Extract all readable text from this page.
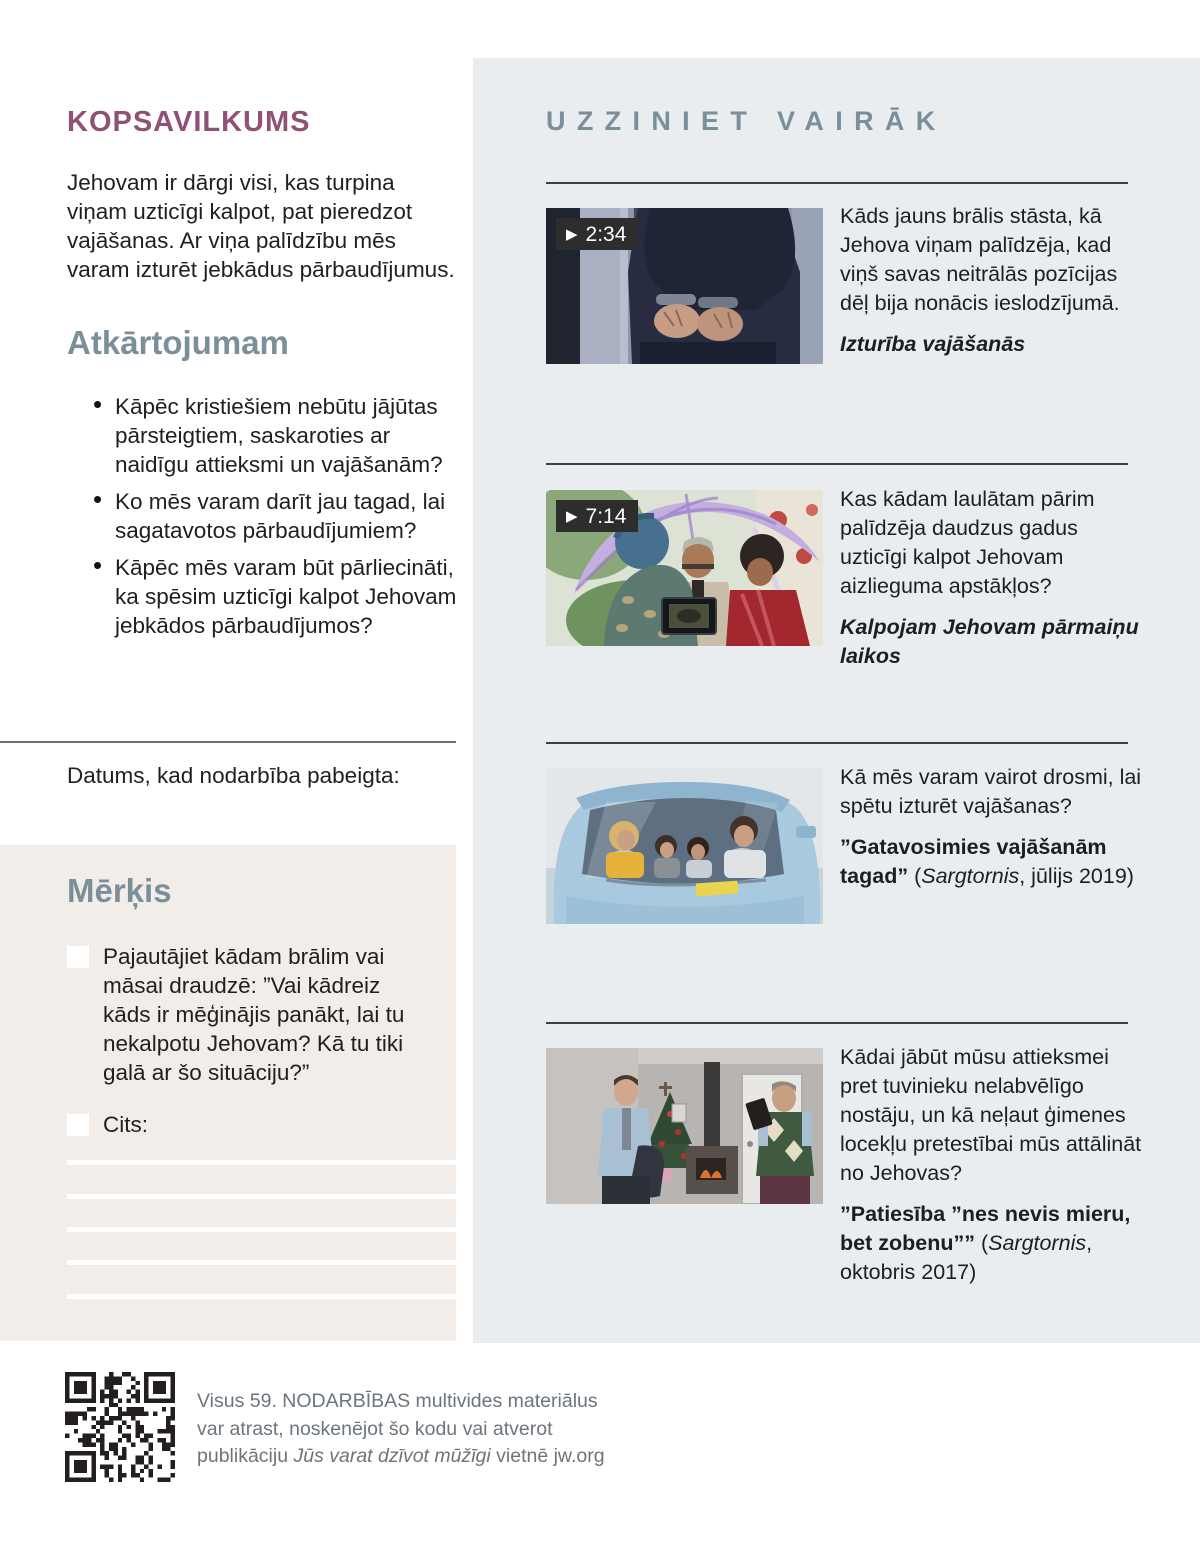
KOPSAVILKUMS

Jehovam ir dārgi visi, kas turpina viņam uzticīgi kalpot, pat pieredzot vajāšanas. Ar viņa palīdzību mēs varam izturēt jebkādus pārbaudījumus.

Atkārtojumam
• Kāpēc kristiešiem nebūtu jājūtas pārsteigtiem, saskaroties ar naidīgu attieksmi un vajāšanām?
• Ko mēs varam darīt jau tagad, lai sagatavotos pārbaudījumiem?
• Kāpēc mēs varam būt pārliecināti, ka spēsim uzticīgi kalpot Jehovam jebkādos pārbaudījumos?
Datums, kad nodarbība pabeigta:
Mērķis
Pajautājiet kādam brālim vai māsai draudzē: ”Vai kādreiz kāds ir mēģinājis panākt, lai tu nekalpotu Jehovam? Kā tu tiki galā ar šo situāciju?”
Cits:
Visus 59. NODARBĪBAS multivides materiālus var atrast, noskenējot šo kodu vai atverot publikāciju Jūs varat dzīvot mūžīgi vietnē jw.org
UZZINIET VAIRĀK
▶ 2:34
Kāds jauns brālis stāsta, kā Jehova viņam palīdzēja, kad viņš savas neitrālās pozīcijas dēļ bija nonācis ieslodzījumā.
Izturība vajāšanās
▶ 7:14
Kas kādam laulātam pārim palīdzēja daudzus gadus uzticīgi kalpot Jehovam aizlieguma apstākļos?
Kalpojam Jehovam pārmaiņu laikos
Kā mēs varam vairot drosmi, lai spētu izturēt vajāšanas?
”Gatavosimies vajāšanām tagad” (Sargtornis, jūlijs 2019)
Kādai jābūt mūsu attieksmei pret tuvinieku nelabvēlīgo nostāju, un kā neļaut ģimenes locekļu pretestībai mūs attālināt no Jehovas?
”Patiesība ”nes nevis mieru, bet zobenu”” (Sargtornis, oktobris 2017)
